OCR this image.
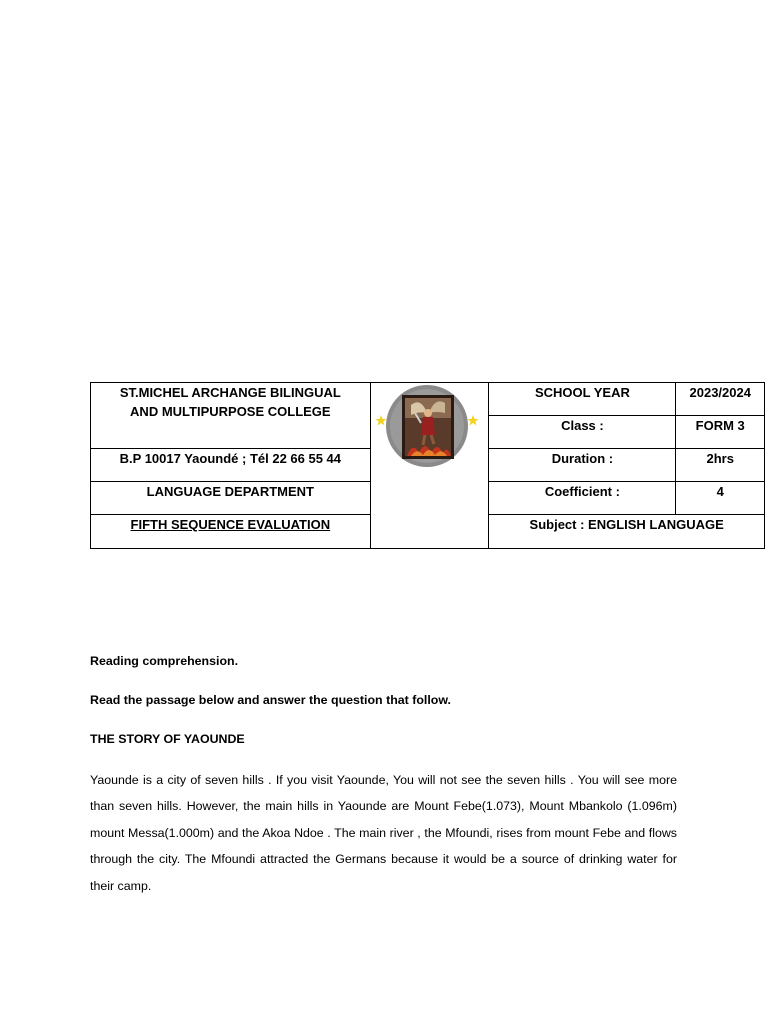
ST.MICHEL ARCHANGE BILINGUAL
AND MULTIPURPOSE COLLEGE		SCHOOL YEAR	2023/2024
		Class :	FORM 3
B.P 10017 Yaoundé ; Tél 22 66 55 44		Duration :	2hrs
LANGUAGE DEPARTMENT		Coefficient :	4
FIFTH SEQUENCE EVALUATION		Subject : ENGLISH LANGUAGE	
Reading comprehension.
Read the passage below and answer the question that follow.
THE STORY OF YAOUNDE
Yaounde is a city of seven hills . If you visit Yaounde, You will not see the seven hills . You will see more than seven hills. However, the main hills in Yaounde are Mount Febe(1.073), Mount Mbankolo (1.096m) mount Messa(1.000m) and the Akoa Ndoe . The main river , the Mfoundi, rises from mount Febe and flows through the city. The Mfoundi attracted the Germans because it would be a source of drinking water for their camp.
